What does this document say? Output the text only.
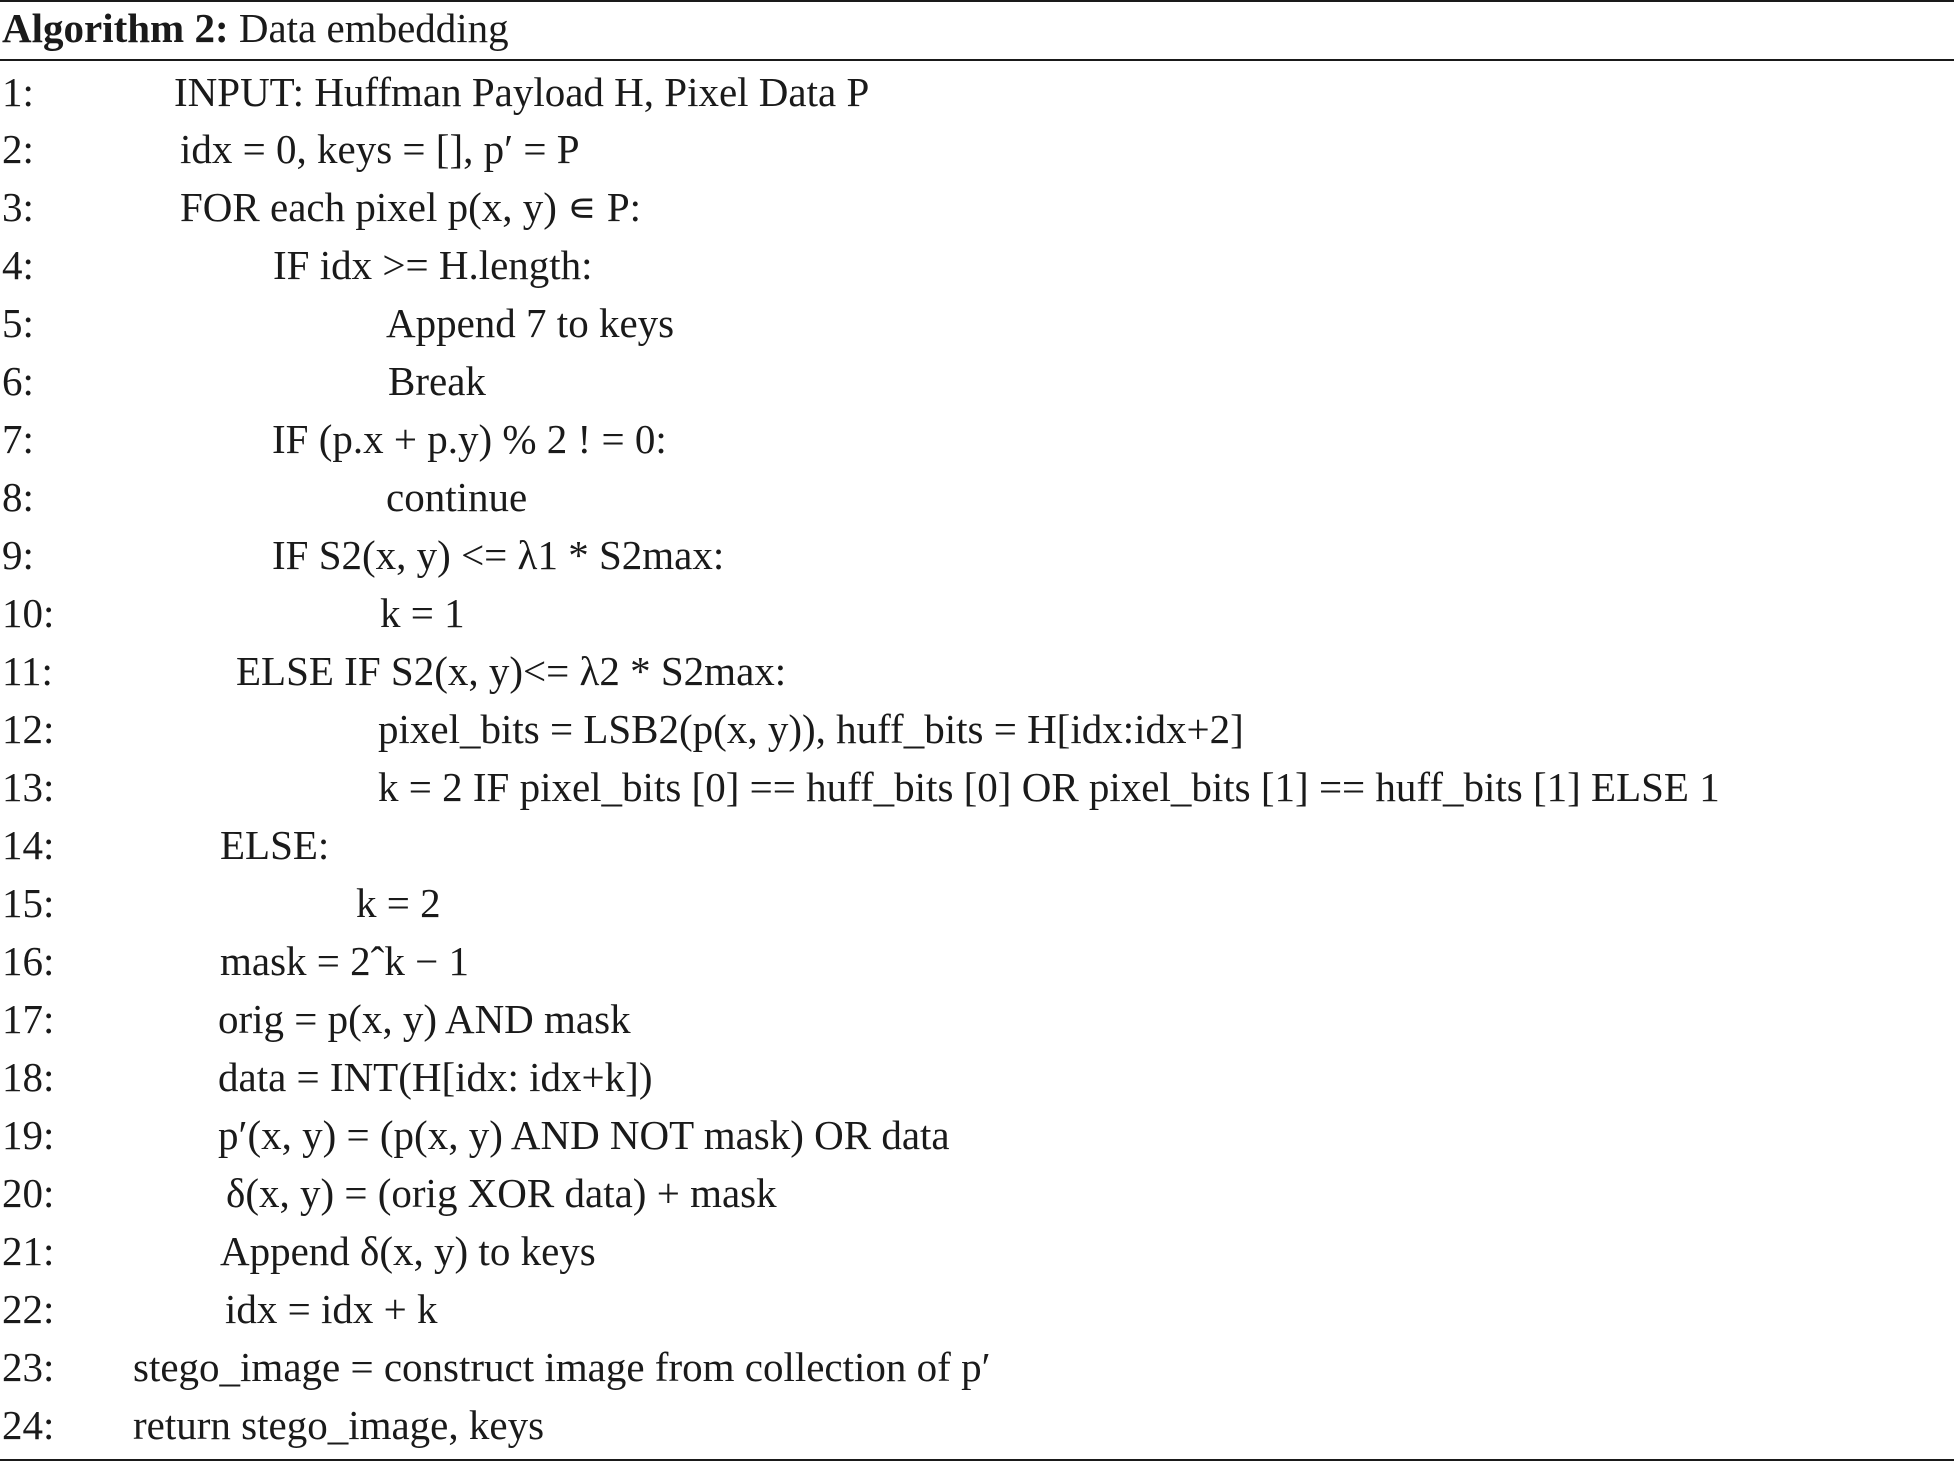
Algorithm 2: Data embedding
1:	INPUT: Huffman Payload H, Pixel Data P
2:	idx = 0, keys = [], p′ = P
3:	FOR each pixel p(x, y) ∊ P:
4:	IF idx >= H.length:
5:	Append 7 to keys
6:	Break
7:	IF (p.x + p.y) % 2 ! = 0:
8:	continue
9:	IF S2(x, y) <= λ1 * S2max:
10:	k = 1
11:	ELSE IF S2(x, y)<= λ2 * S2max:
12:	pixel_bits = LSB2(p(x, y)), huff_bits = H[idx:idx+2]
13:	k = 2 IF pixel_bits [0] == huff_bits [0] OR pixel_bits [1] == huff_bits [1] ELSE 1
14:	ELSE:
15:	k = 2
16:	mask = 2ˆk − 1
17:	orig = p(x, y) AND mask
18:	data = INT(H[idx: idx+k])
19:	p′(x, y) = (p(x, y) AND NOT mask) OR data
20:	δ(x, y) = (orig XOR data) + mask
21:	Append δ(x, y) to keys
22:	idx = idx + k
23: stego_image = construct image from collection of p′
24: return stego_image, keys
